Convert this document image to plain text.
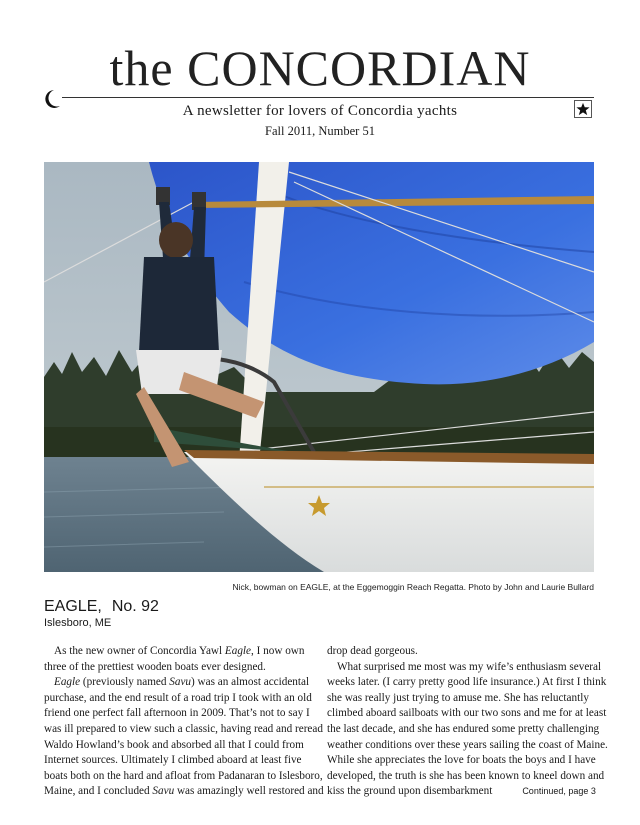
the CONCORDIAN
A newsletter for lovers of Concordia yachts
Fall 2011, Number 51
Nick, bowman on EAGLE, at the Eggemoggin Reach Regatta. Photo by John and Laurie Bullard
EAGLE, No. 92
Islesboro, ME
As the new owner of Concordia Yawl Eagle, I now own
three of the prettiest wooden boats ever designed.
Eagle (previously named Savu) was an almost accidental
purchase, and the end result of a road trip I took with an old
friend one perfect fall afternoon in 2009. That’s not to say I
was ill prepared to view such a classic, having read and reread
Waldo Howland’s book and absorbed all that I could from
Internet sources. Ultimately I climbed aboard at least five
boats both on the hard and afloat from Padanaran to Islesboro,
Maine, and I concluded Savu was amazingly well restored and
drop dead gorgeous.
What surprised me most was my wife’s enthusiasm several
weeks later. (I carry pretty good life insurance.) At first I think
she was really just trying to amuse me. She has reluctantly
climbed aboard sailboats with our two sons and me for at least
the last decade, and she has endured some pretty challenging
weather conditions over these years sailing the coast of Maine.
While she appreciates the love for boats the boys and I have
developed, the truth is she has been known to kneel down and
kiss the ground upon disembarkment	Continued, page 3
